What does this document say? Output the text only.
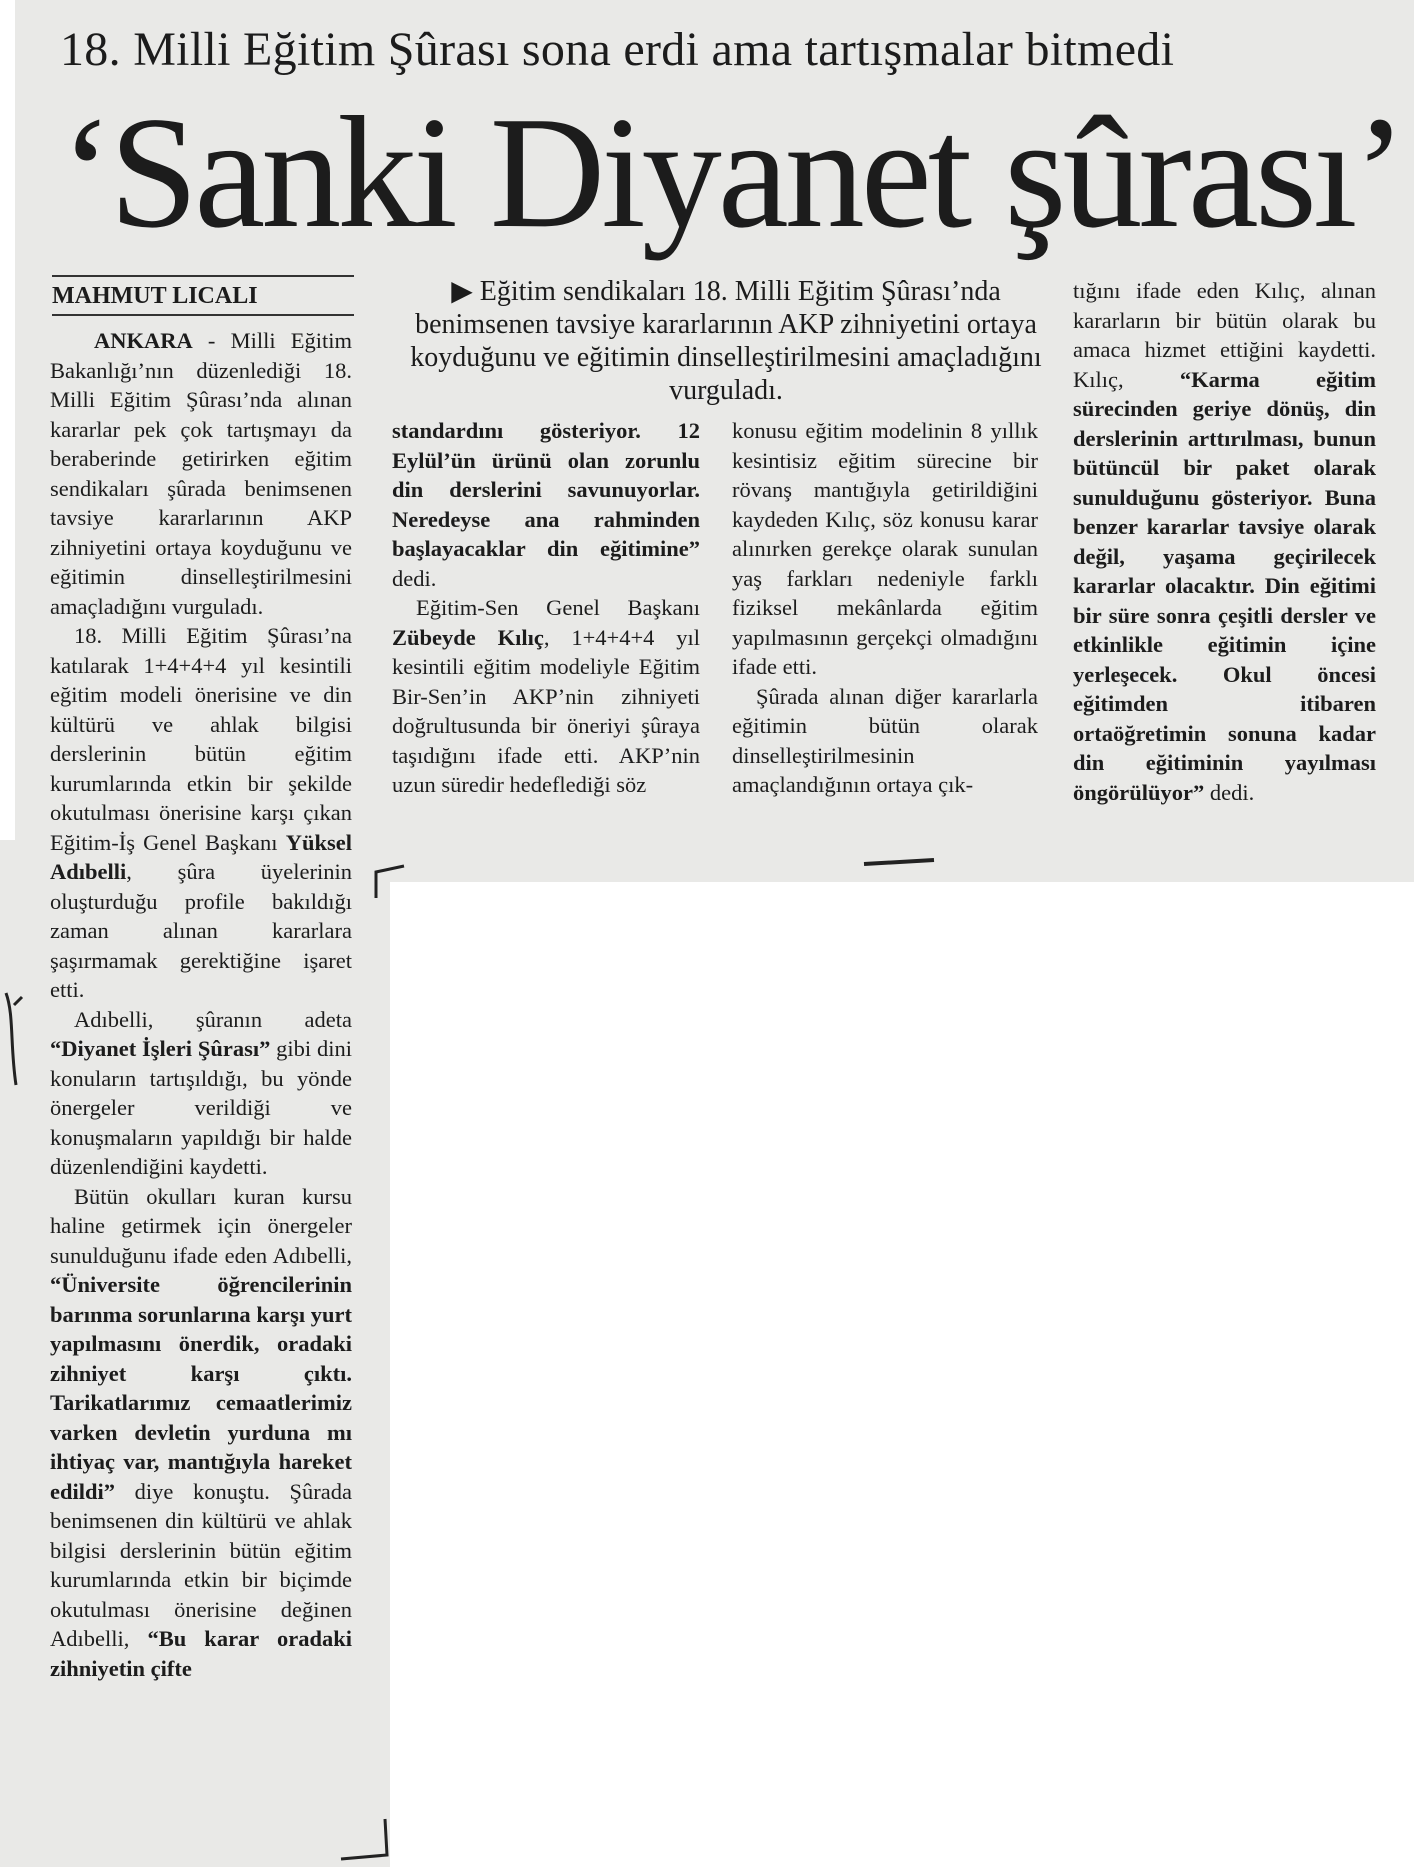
18. Milli Eğitim Şûrası sona erdi ama tartışmalar bitmedi
‘Sanki Diyanet şûrası’
MAHMUT LICALI

ANKARA - Milli Eğitim Bakanlığı’nın düzenlediği 18. Milli Eğitim Şûrası’nda alınan kararlar pek çok tartışmayı da beraberinde getirirken eğitim sendikaları şûrada benimsenen tavsiye kararlarının AKP zihniyetini ortaya koyduğunu ve eğitimin dinselleştirilmesini amaçladığını vurguladı.

18. Milli Eğitim Şûrası’na katılarak 1+4+4+4 yıl kesintili eğitim modeli önerisine ve din kültürü ve ahlak bilgisi derslerinin bütün eğitim kurumlarında etkin bir şekilde okutulması önerisine karşı çıkan Eğitim-İş Genel Başkanı Yüksel Adıbelli, şûra üyelerinin oluşturduğu profile bakıldığı zaman alınan kararlara şaşırmamak gerektiğine işaret etti.

Adıbelli, şûranın adeta “Diyanet İşleri Şûrası” gibi dini konuların tartışıldığı, bu yönde önergeler verildiği ve konuşmaların yapıldığı bir halde düzenlendiğini kaydetti.

Bütün okulları kuran kursu haline getirmek için önergeler sunulduğunu ifade eden Adıbelli, “Üniversite öğrencilerinin barınma sorunlarına karşı yurt yapılmasını önerdik, oradaki zihniyet karşı çıktı. Tarikatlarımız cemaatlerimiz varken devletin yurduna mı ihtiyaç var, mantığıyla hareket edildi” diye konuştu. Şûrada benimsenen din kültürü ve ahlak bilgisi derslerinin bütün eğitim kurumlarında etkin bir biçimde okutulması önerisine değinen Adıbelli, “Bu karar oradaki zihniyetin çifte

▶ Eğitim sendikaları 18. Milli Eğitim Şûrası’nda benimsenen tavsiye kararlarının AKP zihniyetini ortaya koyduğunu ve eğitimin dinselleştirilmesini amaçladığını vurguladı.

standardını gösteriyor. 12 Eylül’ün ürünü olan zorunlu din derslerini savunuyorlar. Neredeyse ana rahminden başlayacaklar din eğitimine” dedi.

Eğitim-Sen Genel Başkanı Zübeyde Kılıç, 1+4+4+4 yıl kesintili eğitim modeliyle Eğitim Bir-Sen’in AKP’nin zihniyeti doğrultusunda bir öneriyi şûraya taşıdığını ifade etti. AKP’nin uzun süredir hedeflediği söz

konusu eğitim modelinin 8 yıllık kesintisiz eğitim sürecine bir rövanş mantığıyla getirildiğini kaydeden Kılıç, söz konusu karar alınırken gerekçe olarak sunulan yaş farkları nedeniyle farklı fiziksel mekânlarda eğitim yapılmasının gerçekçi olmadığını ifade etti.

Şûrada alınan diğer kararlarla eğitimin bütün olarak dinselleştirilmesinin amaçlandığının ortaya çık-

tığını ifade eden Kılıç, alınan kararların bir bütün olarak bu amaca hizmet ettiğini kaydetti. Kılıç, “Karma eğitim sürecinden geriye dönüş, din derslerinin arttırılması, bunun bütüncül bir paket olarak sunulduğunu gösteriyor. Buna benzer kararlar tavsiye olarak değil, yaşama geçirilecek kararlar olacaktır. Din eğitimi bir süre sonra çeşitli dersler ve etkinlikle eğitimin içine yerleşecek. Okul öncesi eğitimden itibaren ortaöğretimin sonuna kadar din eğitiminin yayılması öngörülüyor” dedi.
